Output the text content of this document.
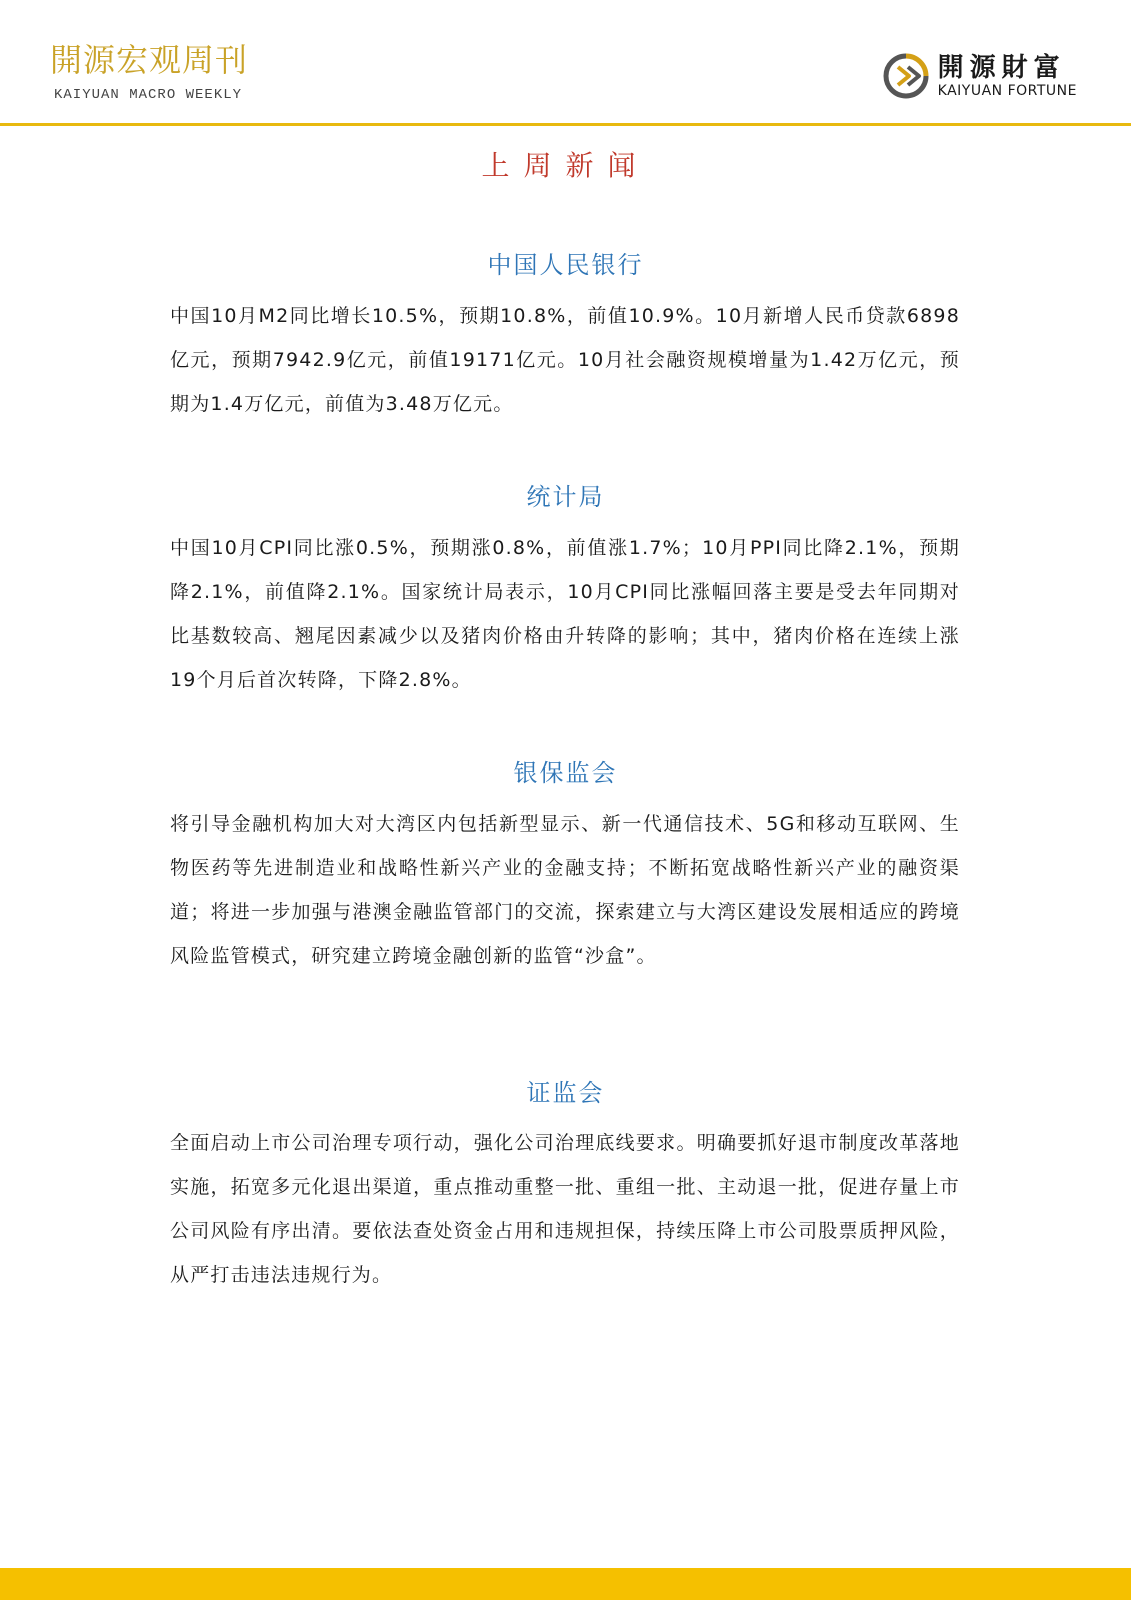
開源宏观周刊
KAIYUAN MACRO WEEKLY
開源財富
KAIYUAN FORTUNE
上周新闻
中国人民银行
中国10月M2同比增长10.5%，预期10.8%，前值10.9%。10月新增人民币贷款6898亿元，预期7942.9亿元，前值19171亿元。10月社会融资规模增量为1.42万亿元，预期为1.4万亿元，前值为3.48万亿元。
统计局
中国10月CPI同比涨0.5%，预期涨0.8%，前值涨1.7%；10月PPI同比降2.1%，预期降2.1%，前值降2.1%。国家统计局表示，10月CPI同比涨幅回落主要是受去年同期对比基数较高、翘尾因素减少以及猪肉价格由升转降的影响；其中，猪肉价格在连续上涨19个月后首次转降，下降2.8%。
银保监会
将引导金融机构加大对大湾区内包括新型显示、新一代通信技术、5G和移动互联网、生物医药等先进制造业和战略性新兴产业的金融支持；不断拓宽战略性新兴产业的融资渠道；将进一步加强与港澳金融监管部门的交流，探索建立与大湾区建设发展相适应的跨境风险监管模式，研究建立跨境金融创新的监管“沙盒”。
证监会
全面启动上市公司治理专项行动，强化公司治理底线要求。明确要抓好退市制度改革落地实施，拓宽多元化退出渠道，重点推动重整一批、重组一批、主动退一批，促进存量上市公司风险有序出清。要依法查处资金占用和违规担保，持续压降上市公司股票质押风险，从严打击违法违规行为。
